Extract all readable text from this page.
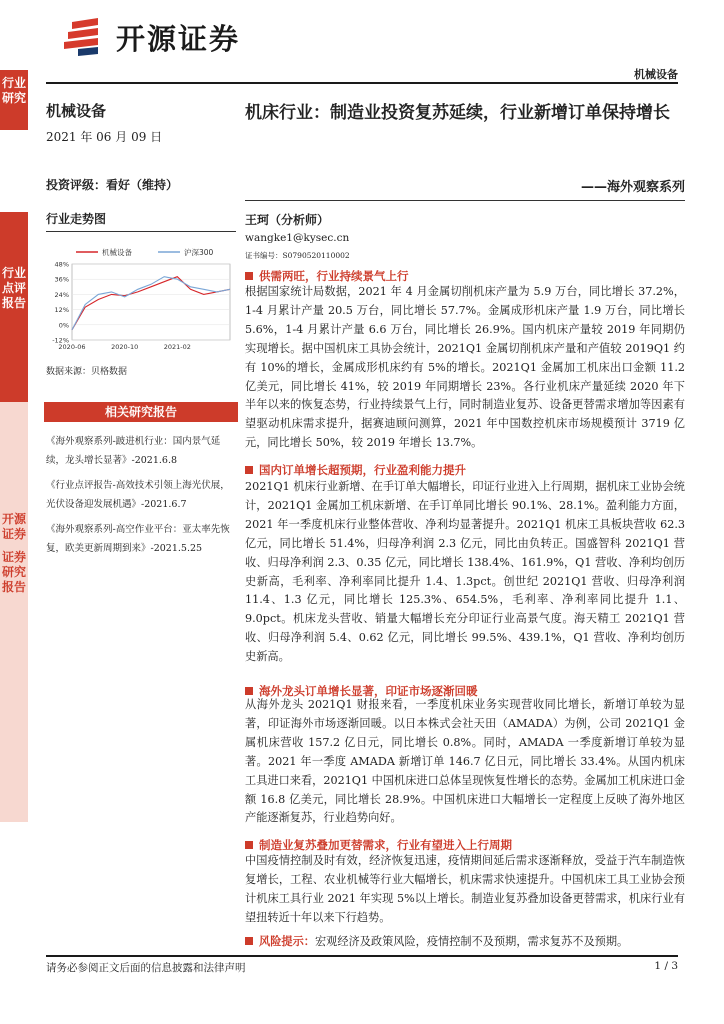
开源证券
机械设备
行业
研究
行业
点评
报告
开源
证券
证券
研究
报告
机械设备
2021 年 06 月 09 日
投资评级：看好（维持）
行业走势图
48%
36%
24%
12%
0%
-12%
2020-06	2020-10	2021-02
机械设备	沪深300
数据来源：贝格数据
相关研究报告
《海外观察系列-跛进机行业：国内景气延续，龙头增长显著》-2021.6.8
《行业点评报告-高效技术引领上海光伏展，光伏设备迎发展机遇》-2021.6.7
《海外观察系列-高空作业平台：亚太率先恢复，欧美更新周期到来》-2021.5.25
机床行业：制造业投资复苏延续，行业新增订单保持增长
——海外观察系列
王珂（分析师）
wangke1@kysec.cn
证书编号：S0790520110002
供需两旺，行业持续景气上行
根据国家统计局数据，2021 年 4 月金属切削机床产量为 5.9 万台，同比增长 37.2%，1-4 月累计产量 20.5 万台，同比增长 57.7%。金属成形机床产量 1.9 万台，同比增长 5.6%，1-4 月累计产量 6.6 万台，同比增长 26.9%。国内机床产量较 2019 年同期仍实现增长。据中国机床工具协会统计，2021Q1 金属切削机床产量和产值较 2019Q1 约有 10%的增长，金属成形机床约有 5%的增长。2021Q1 金属加工机床出口金额 11.2 亿美元，同比增长 41%，较 2019 年同期增长 23%。各行业机床产量延续 2020 年下半年以来的恢复态势，行业持续景气上行，同时制造业复苏、设备更替需求增加等因素有望驱动机床需求提升，据赛迪顾问测算，2021 年中国数控机床市场规模预计 3719 亿元，同比增长 50%，较 2019 年增长 13.7%。
国内订单增长超预期，行业盈利能力提升
2021Q1 机床行业新增、在手订单大幅增长，印证行业进入上行周期，据机床工业协会统计，2021Q1 金属加工机床新增、在手订单同比增长 90.1%、28.1%。盈利能力方面，2021 年一季度机床行业整体营收、净利均显著提升。2021Q1 机床工具板块营收 62.3 亿元，同比增长 51.4%，归母净利润 2.3 亿元，同比由负转正。国盛智科 2021Q1 营收、归母净利润 2.3、0.35 亿元，同比增长 138.4%、161.9%，Q1 营收、净利均创历史新高，毛利率、净利率同比提升 1.4、1.3pct。创世纪 2021Q1 营收、归母净利润 11.4、1.3 亿元，同比增长 125.3%、654.5%，毛利率、净利率同比提升 1.1、9.0pct。机床龙头营收、销量大幅增长充分印证行业高景气度。海天精工 2021Q1 营收、归母净利润 5.4、0.62 亿元，同比增长 99.5%、439.1%，Q1 营收、净利均创历史新高。
海外龙头订单增长显著，印证市场逐渐回暖
从海外龙头 2021Q1 财报来看，一季度机床业务实现营收同比增长，新增订单较为显著，印证海外市场逐渐回暖。以日本株式会社天田（AMADA）为例，公司 2021Q1 金属机床营收 157.2 亿日元，同比增长 0.8%。同时，AMADA 一季度新增订单较为显著。2021 年一季度 AMADA 新增订单 146.7 亿日元，同比增长 33.4%。从国内机床工具进口来看，2021Q1 中国机床进口总体呈现恢复性增长的态势。金属加工机床进口金额 16.8 亿美元，同比增长 28.9%。中国机床进口大幅增长一定程度上反映了海外地区产能逐渐复苏，行业趋势向好。
制造业复苏叠加更替需求，行业有望进入上行周期
中国疫情控制及时有效，经济恢复迅速，疫情期间延后需求逐渐释放，受益于汽车制造恢复增长，工程、农业机械等行业大幅增长，机床需求快速提升。中国机床工具工业协会预计机床工具行业 2021 年实现 5%以上增长。制造业复苏叠加设备更替需求，机床行业有望扭转近十年以来下行趋势。
风险提示：宏观经济及政策风险，疫情控制不及预期，需求复苏不及预期。
请务必参阅正文后面的信息披露和法律声明	1 / 3
